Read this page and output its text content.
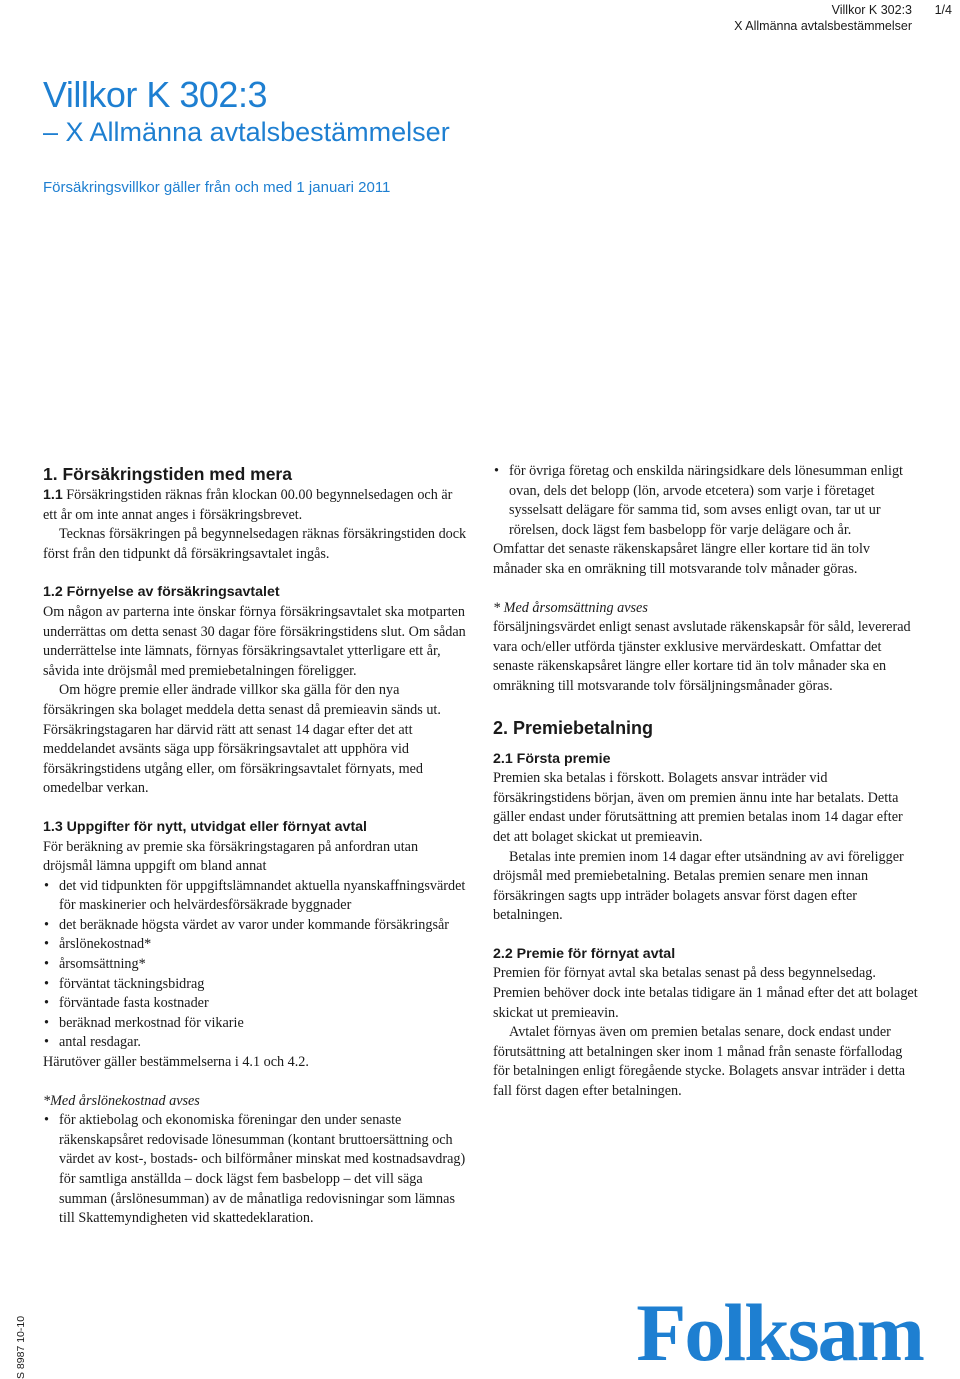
Villkor K 302:3
X Allmänna avtalsbestämmelser
1/4
Villkor K 302:3
– X Allmänna avtalsbestämmelser
Försäkringsvillkor gäller från och med 1 januari 2011

1. Försäkringstiden med mera

1.1 Försäkringstiden räknas från klockan 00.00 begynnelsedagen och är ett år om inte annat anges i försäkringsbrevet.

Tecknas försäkringen på begynnelsedagen räknas försäkringstiden dock först från den tidpunkt då försäkringsavtalet ingås.

1.2 Förnyelse av försäkringsavtalet

Om någon av parterna inte önskar förnya försäkringsavtalet ska motparten underrättas om detta senast 30 dagar före försäkringstidens slut. Om sådan underrättelse inte lämnats, förnyas försäkringsavtalet ytterligare ett år, såvida inte dröjsmål med premiebetalningen föreligger.

Om högre premie eller ändrade villkor ska gälla för den nya försäkringen ska bolaget meddela detta senast då premieavin sänds ut. Försäkringstagaren har därvid rätt att senast 14 dagar efter det att meddelandet avsänts säga upp försäkringsavtalet att upphöra vid försäkringstidens utgång eller, om försäkringsavtalet förnyats, med omedelbar verkan.

1.3 Uppgifter för nytt, utvidgat eller förnyat avtal

För beräkning av premie ska försäkringstagaren på anfordran utan dröjsmål lämna uppgift om bland annat

• det vid tidpunkten för uppgiftslämnandet aktuella nyanskaffningsvärdet för maskinerier och helvärdesförsäkrade byggnader
• det beräknade högsta värdet av varor under kommande försäkringsår
• årslönekostnad*
• årsomsättning*
• förväntat täckningsbidrag
• förväntade fasta kostnader
• beräknad merkostnad för vikarie
• antal resdagar.

Härutöver gäller bestämmelserna i 4.1 och 4.2.

*Med årslönekostnad avses

• för aktiebolag och ekonomiska föreningar den under senaste räkenskapsåret redovisade lönesumman (kontant bruttoersättning och värdet av kost-, bostads- och bilförmåner minskat med kostnadsavdrag) för samtliga anställda – dock lägst fem basbelopp – det vill säga summan (årslönesumman) av de månatliga redovisningar som lämnas till Skattemyndigheten vid skattedeklaration.
• för övriga företag och enskilda näringsidkare dels lönesumman enligt ovan, dels det belopp (lön, arvode etcetera) som varje i företaget sysselsatt delägare för samma tid, som avses enligt ovan, tar ut ur rörelsen, dock lägst fem basbelopp för varje delägare och år.

Omfattar det senaste räkenskapsåret längre eller kortare tid än tolv månader ska en omräkning till motsvarande tolv månader göras.

* Med årsomsättning avses

försäljningsvärdet enligt senast avslutade räkenskapsår för såld, levererad vara och/eller utförda tjänster exklusive mervärdeskatt. Omfattar det senaste räkenskapsåret längre eller kortare tid än tolv månader ska en omräkning till motsvarande tolv försäljningsmånader göras.

2. Premiebetalning

2.1 Första premie

Premien ska betalas i förskott. Bolagets ansvar inträder vid försäkringstidens början, även om premien ännu inte har betalats. Detta gäller endast under förutsättning att premien betalas inom 14 dagar efter det att bolaget skickat ut premieavin.

Betalas inte premien inom 14 dagar efter utsändning av avi föreligger dröjsmål med premiebetalning. Betalas premien senare men innan försäkringen sagts upp inträder bolagets ansvar först dagen efter betalningen.

2.2 Premie för förnyat avtal

Premien för förnyat avtal ska betalas senast på dess begynnelsedag. Premien behöver dock inte betalas tidigare än 1 månad efter det att bolaget skickat ut premieavin.

Avtalet förnyas även om premien betalas senare, dock endast under förutsättning att betalningen sker inom 1 månad från senaste förfallodag för betalningen enligt föregående stycke. Bolagets ansvar inträder i detta fall först dagen efter betalningen.

S 8987 10-10	Folksam
